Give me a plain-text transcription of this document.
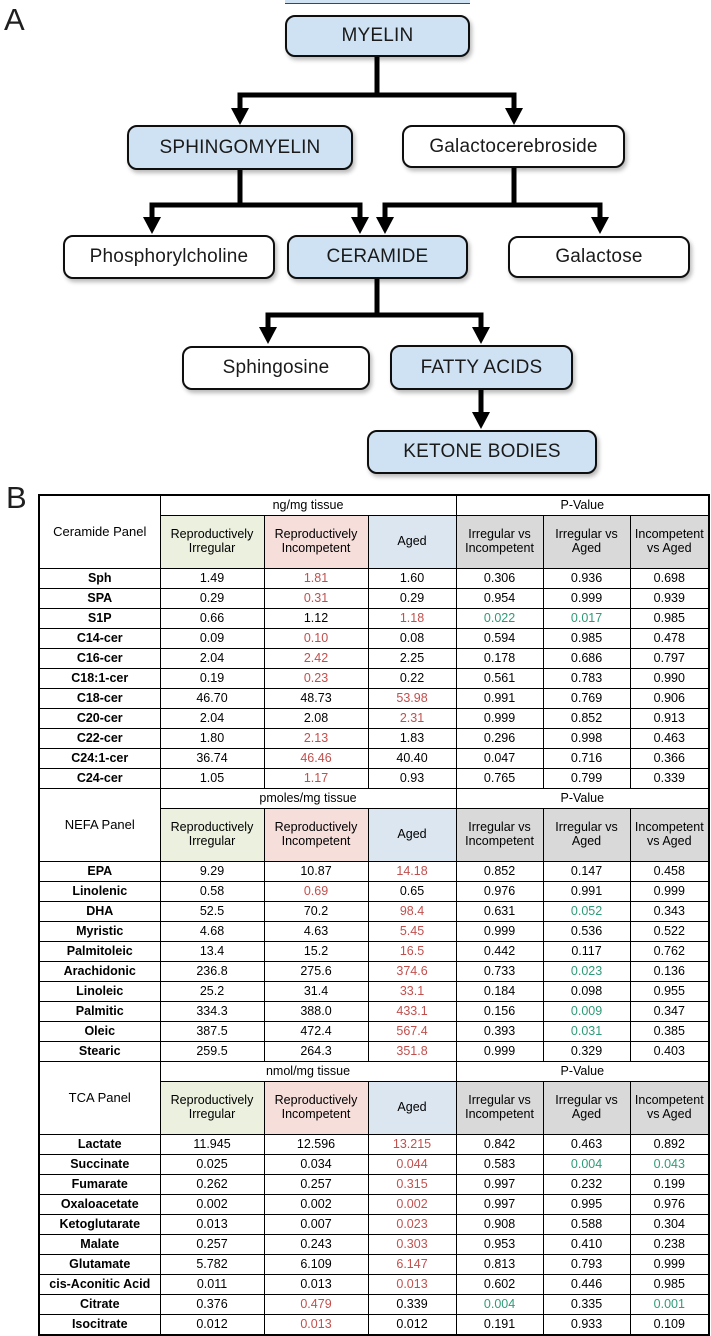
A	MYELIN
SPHINGOMYELIN	Galactocerebroside
Phosphorylcholine	CERAMIDE	Galactose
Sphingosine	FATTY ACIDS
KETONE BODIES
B
Ceramide Panel	ng/mg tissue			P-Value		
	Reproductively Irregular	Reproductively Incompetent	Aged	Irregular vs Incompetent	Irregular vs Aged	Incompetent vs Aged
Sph	1.49	1.81	1.60	0.306	0.936	0.698
SPA	0.29	0.31	0.29	0.954	0.999	0.939
S1P	0.66	1.12	1.18	0.022	0.017	0.985
C14-cer	0.09	0.10	0.08	0.594	0.985	0.478
C16-cer	2.04	2.42	2.25	0.178	0.686	0.797
C18:1-cer	0.19	0.23	0.22	0.561	0.783	0.990
C18-cer	46.70	48.73	53.98	0.991	0.769	0.906
C20-cer	2.04	2.08	2.31	0.999	0.852	0.913
C22-cer	1.80	2.13	1.83	0.296	0.998	0.463
C24:1-cer	36.74	46.46	40.40	0.047	0.716	0.366
C24-cer	1.05	1.17	0.93	0.765	0.799	0.339
NEFA Panel	pmoles/mg tissue			P-Value		
	Reproductively Irregular	Reproductively Incompetent	Aged	Irregular vs Incompetent	Irregular vs Aged	Incompetent vs Aged
EPA	9.29	10.87	14.18	0.852	0.147	0.458
Linolenic	0.58	0.69	0.65	0.976	0.991	0.999
DHA	52.5	70.2	98.4	0.631	0.052	0.343
Myristic	4.68	4.63	5.45	0.999	0.536	0.522
Palmitoleic	13.4	15.2	16.5	0.442	0.117	0.762
Arachidonic	236.8	275.6	374.6	0.733	0.023	0.136
Linoleic	25.2	31.4	33.1	0.184	0.098	0.955
Palmitic	334.3	388.0	433.1	0.156	0.009	0.347
Oleic	387.5	472.4	567.4	0.393	0.031	0.385
Stearic	259.5	264.3	351.8	0.999	0.329	0.403
TCA Panel	nmol/mg tissue			P-Value		
	Reproductively Irregular	Reproductively Incompetent	Aged	Irregular vs Incompetent	Irregular vs Aged	Incompetent vs Aged
Lactate	11.945	12.596	13.215	0.842	0.463	0.892
Succinate	0.025	0.034	0.044	0.583	0.004	0.043
Fumarate	0.262	0.257	0.315	0.997	0.232	0.199
Oxaloacetate	0.002	0.002	0.002	0.997	0.995	0.976
Ketoglutarate	0.013	0.007	0.023	0.908	0.588	0.304
Malate	0.257	0.243	0.303	0.953	0.410	0.238
Glutamate	5.782	6.109	6.147	0.813	0.793	0.999
cis-Aconitic Acid	0.011	0.013	0.013	0.602	0.446	0.985
Citrate	0.376	0.479	0.339	0.004	0.335	0.001
Isocitrate	0.012	0.013	0.012	0.191	0.933	0.109
